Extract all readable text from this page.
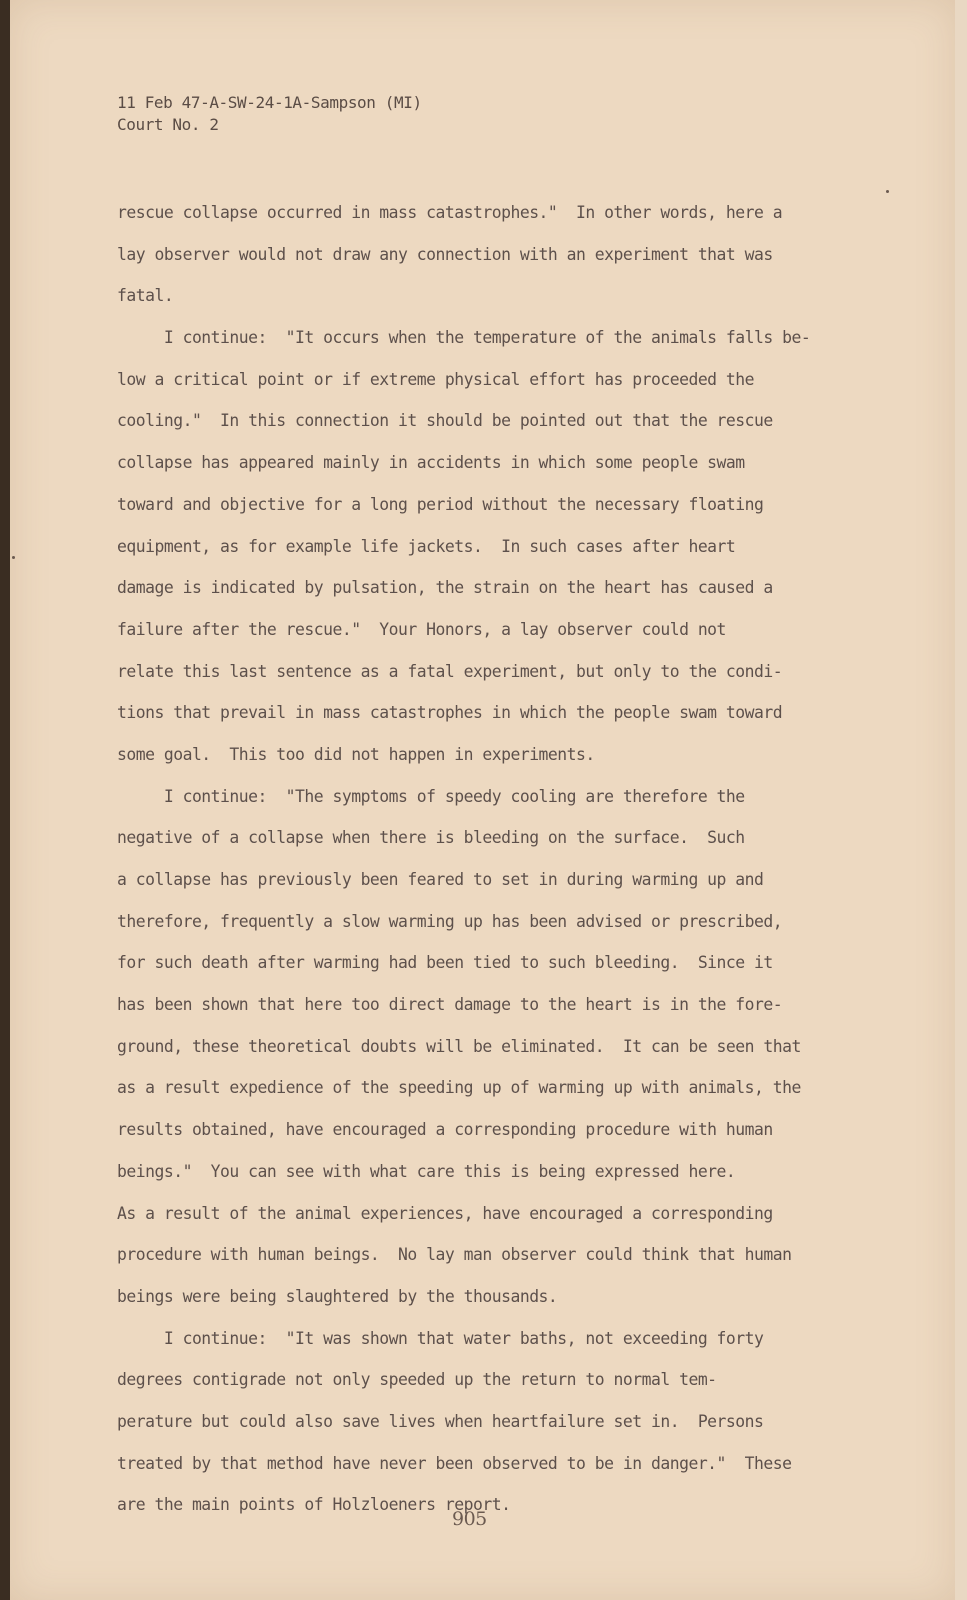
11 Feb 47-A-SW-24-1A-Sampson (MI)
Court No. 2
rescue collapse occurred in mass catastrophes."  In other words, here a
lay observer would not draw any connection with an experiment that was
fatal.
I continue:  "It occurs when the temperature of the animals falls be-
low a critical point or if extreme physical effort has proceeded the
cooling."  In this connection it should be pointed out that the rescue
collapse has appeared mainly in accidents in which some people swam
toward and objective for a long period without the necessary floating
equipment, as for example life jackets.  In such cases after heart
damage is indicated by pulsation, the strain on the heart has caused a
failure after the rescue."  Your Honors, a lay observer could not
relate this last sentence as a fatal experiment, but only to the condi-
tions that prevail in mass catastrophes in which the people swam toward
some goal.  This too did not happen in experiments.
I continue:  "The symptoms of speedy cooling are therefore the
negative of a collapse when there is bleeding on the surface.  Such
a collapse has previously been feared to set in during warming up and
therefore, frequently a slow warming up has been advised or prescribed,
for such death after warming had been tied to such bleeding.  Since it
has been shown that here too direct damage to the heart is in the fore-
ground, these theoretical doubts will be eliminated.  It can be seen that
as a result expedience of the speeding up of warming up with animals, the
results obtained, have encouraged a corresponding procedure with human
beings."  You can see with what care this is being expressed here.
As a result of the animal experiences, have encouraged a corresponding
procedure with human beings.  No lay man observer could think that human
beings were being slaughtered by the thousands.
I continue:  "It was shown that water baths, not exceeding forty
degrees contigrade not only speeded up the return to normal tem-
perature but could also save lives when heartfailure set in.  Persons
treated by that method have never been observed to be in danger."  These
are the main points of Holzloeners report.
905
